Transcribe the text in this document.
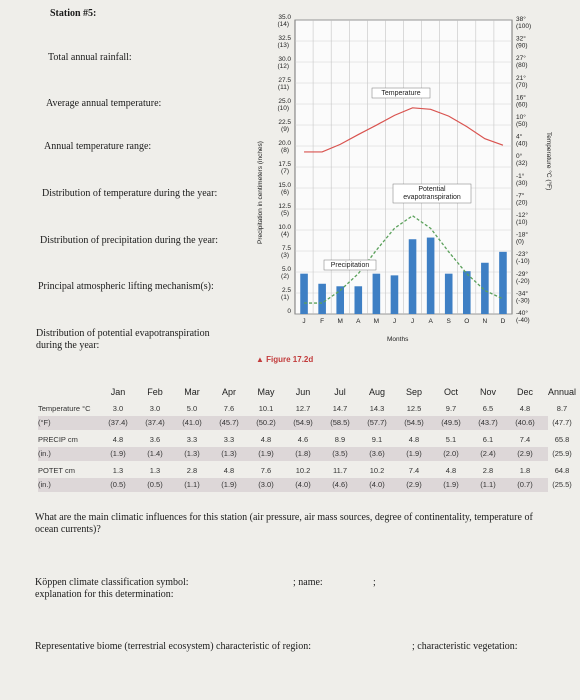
Station #5:
Total annual rainfall:
Average annual temperature:
Annual temperature range:
Distribution of temperature during the year:
Distribution of precipitation during the year:
Principal atmospheric lifting mechanism(s):
Distribution of potential evapotranspiration during the year:
35.0
(14)
32.5
(13)
30.0
(12)
27.5
(11)
25.0
(10)
22.5
(9)
20.0
(8)
17.5
(7)
15.0
(6)
12.5
(5)
10.0
(4)
7.5
(3)
5.0
(2)
2.5
(1)
0
38°
(100)
32°
(90)
27°
(80)
21°
(70)
16°
(60)
10°
(50)
4°
(40)
0°
(32)
-1°
(30)
-7°
(20)
-12°
(10)
-18°
(0)
-23°
(-10)
-29°
(-20)
-34°
(-30)
-40°
(-40)
J F M A M J J A S O N D
Temperature
Potential
evapotranspiration
Precipitation
Precipitation in centimeters (inches)	Temperature °C (°F)
Months
▲ Figure 17.2d
Jan	Feb	Mar	Apr	May	Jun	Jul	Aug	Sep	Oct	Nov	Dec	Annual
Temperature °C	3.0	3.0	5.0	7.6	10.1	12.7	14.7	14.3	12.5	9.7	6.5	4.8	8.7
(°F)	(37.4)	(37.4)	(41.0)	(45.7)	(50.2)	(54.9)	(58.5)	(57.7)	(54.5)	(49.5)	(43.7)	(40.6)	(47.7)
PRECIP cm	4.8	3.6	3.3	3.3	4.8	4.6	8.9	9.1	4.8	5.1	6.1	7.4	65.8
(in.)	(1.9)	(1.4)	(1.3)	(1.3)	(1.9)	(1.8)	(3.5)	(3.6)	(1.9)	(2.0)	(2.4)	(2.9)	(25.9)
POTET cm	1.3	1.3	2.8	4.8	7.6	10.2	11.7	10.2	7.4	4.8	2.8	1.8	64.8
(in.)	(0.5)	(0.5)	(1.1)	(1.9)	(3.0)	(4.0)	(4.6)	(4.0)	(2.9)	(1.9)	(1.1)	(0.7)	(25.5)
What are the main climatic influences for this station (air pressure, air mass sources, degree of continentality, temperature of ocean currents)?
Köppen climate classification symbol:
explanation for this determination:
; name:	;
Representative biome (terrestrial ecosystem) characteristic of region:	; characteristic vegetation:
